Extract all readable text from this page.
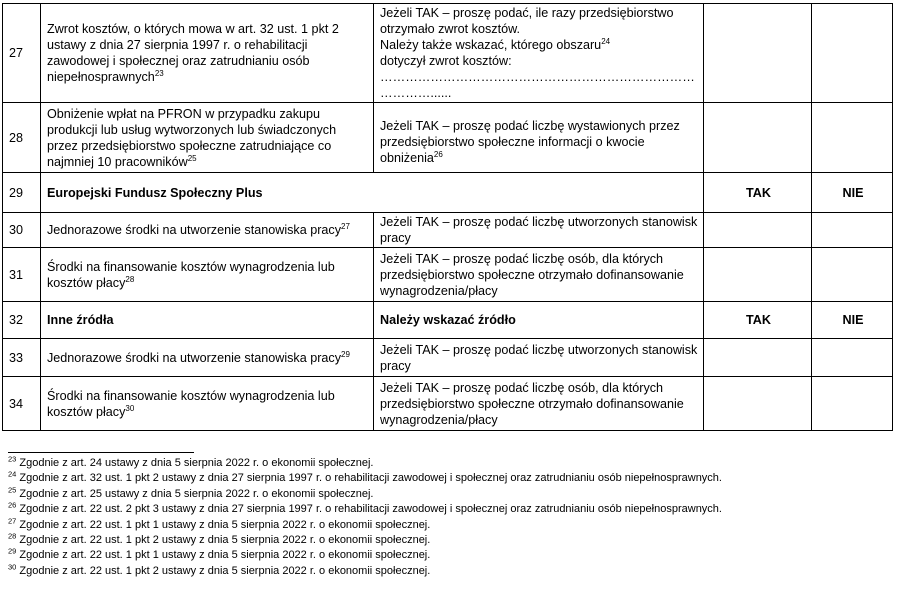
27	Zwrot kosztów, o których mowa w art. 32 ust. 1 pkt 2 ustawy z dnia 27 sierpnia 1997 r. o rehabilitacji zawodowej i społecznej oraz zatrudnianiu osób niepełnosprawnych$^{23}$	Jeżeli TAK – proszę podać, ile razy przedsiębiorstwo otrzymało zwrot kosztów.
Należy także wskazać, którego obszaru$^{24}$
dotyczył zwrot kosztów:
……………………………………………………………………………......		
28	Obniżenie wpłat na PFRON w przypadku zakupu produkcji lub usług wytworzonych lub świadczonych przez przedsiębiorstwo społeczne zatrudniające co najmniej 10 pracowników$^{25}$	Jeżeli TAK – proszę podać liczbę wystawionych przez przedsiębiorstwo społeczne informacji o kwocie obniżenia$^{26}$		
29	Europejski Fundusz Społeczny Plus		TAK	NIE
30	Jednorazowe środki na utworzenie stanowiska pracy$^{27}$	Jeżeli TAK – proszę podać liczbę utworzonych stanowisk pracy		
31	Środki na finansowanie kosztów wynagrodzenia lub kosztów płacy$^{28}$	Jeżeli TAK – proszę podać liczbę osób, dla których przedsiębiorstwo społeczne otrzymało dofinansowanie wynagrodzenia/płacy		
32	Inne źródła	Należy wskazać źródło	TAK	NIE
33	Jednorazowe środki na utworzenie stanowiska pracy$^{29}$	Jeżeli TAK – proszę podać liczbę utworzonych stanowisk pracy		
34	Środki na finansowanie kosztów wynagrodzenia lub kosztów płacy$^{30}$	Jeżeli TAK – proszę podać liczbę osób, dla których przedsiębiorstwo społeczne otrzymało dofinansowanie wynagrodzenia/płacy		
$^{23}$ Zgodnie z art. 24 ustawy z dnia 5 sierpnia 2022 r. o ekonomii społecznej.
$^{24}$ Zgodnie z art. 32 ust. 1 pkt 2 ustawy z dnia 27 sierpnia 1997 r. o rehabilitacji zawodowej i społecznej oraz zatrudnianiu osób niepełnosprawnych.
$^{25}$ Zgodnie z art. 25 ustawy z dnia 5 sierpnia 2022 r. o ekonomii społecznej.
$^{26}$ Zgodnie z art. 22 ust. 2 pkt 3 ustawy z dnia 27 sierpnia 1997 r. o rehabilitacji zawodowej i społecznej oraz zatrudnianiu osób niepełnosprawnych.
$^{27}$ Zgodnie z art. 22 ust. 1 pkt 1 ustawy z dnia 5 sierpnia 2022 r. o ekonomii społecznej.
$^{28}$ Zgodnie z art. 22 ust. 1 pkt 2 ustawy z dnia 5 sierpnia 2022 r. o ekonomii społecznej.
$^{29}$ Zgodnie z art. 22 ust. 1 pkt 1 ustawy z dnia 5 sierpnia 2022 r. o ekonomii społecznej.
$^{30}$ Zgodnie z art. 22 ust. 1 pkt 2 ustawy z dnia 5 sierpnia 2022 r. o ekonomii społecznej.
